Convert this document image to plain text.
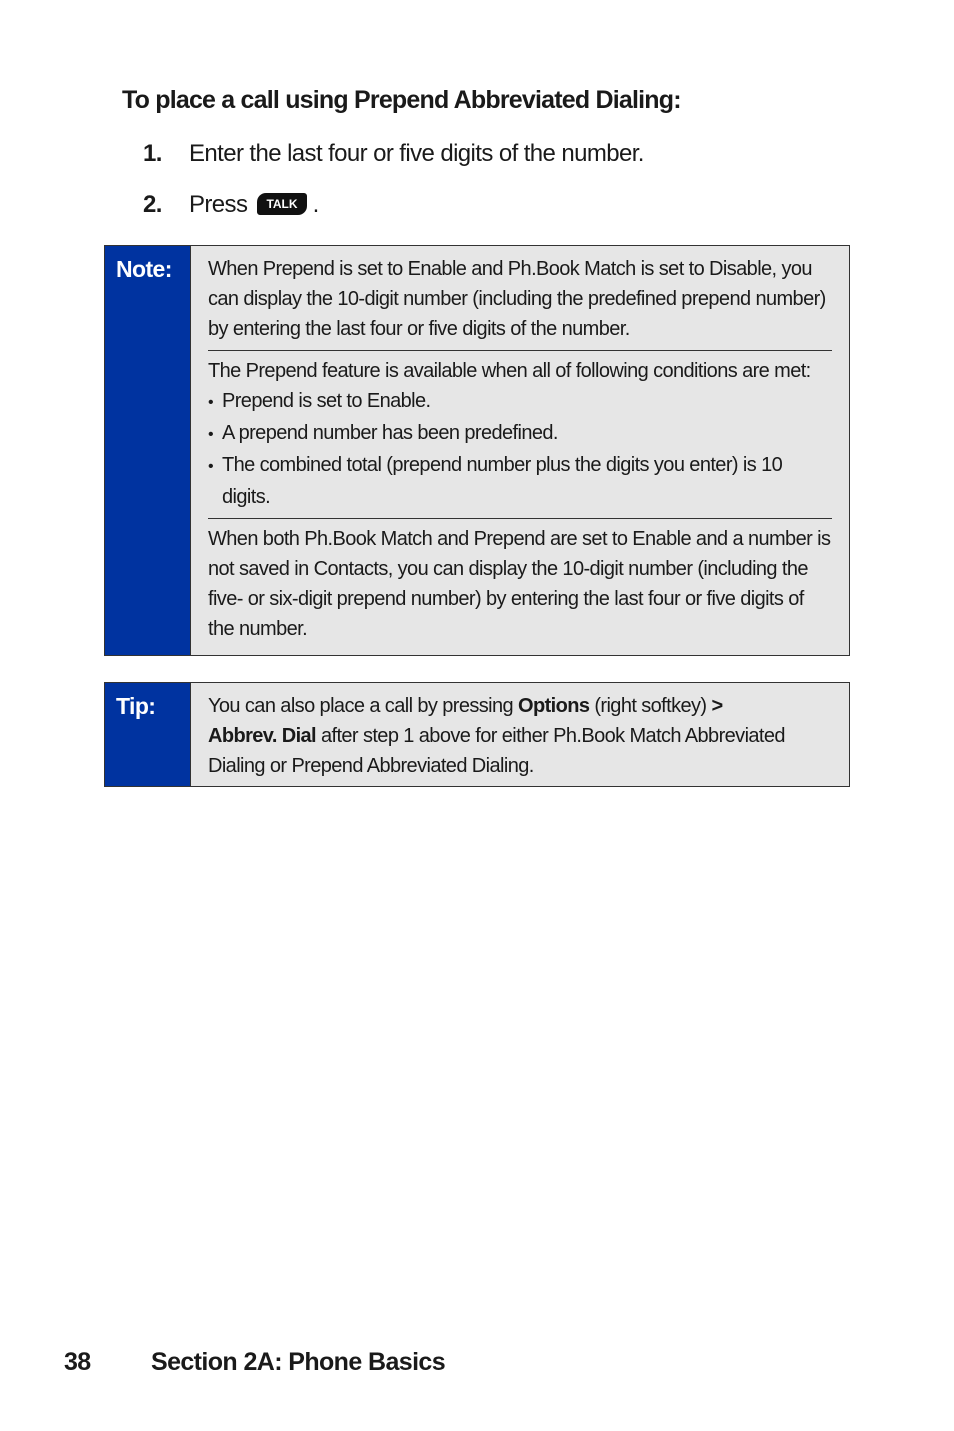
To place a call using Prepend Abbreviated Dialing:
1. Enter the last four or five digits of the number.
2. Press TALK .
Note:	When Prepend is set to Enable and Ph.Book Match is set to Disable, you can display the 10-digit number (including the predefined prepend number) by entering the last four or five digits of the number.
The Prepend feature is available when all of following conditions are met:
• Prepend is set to Enable.
• A prepend number has been predefined.
• The combined total (prepend number plus the digits you enter) is 10 digits.
When both Ph.Book Match and Prepend are set to Enable and a number is not saved in Contacts, you can display the 10-digit number (including the five- or six-digit prepend number) by entering the last four or five digits of the number.
Tip:	You can also place a call by pressing Options (right softkey) >
Abbrev. Dial after step 1 above for either Ph.Book Match Abbreviated Dialing or Prepend Abbreviated Dialing.
38 Section 2A: Phone Basics
